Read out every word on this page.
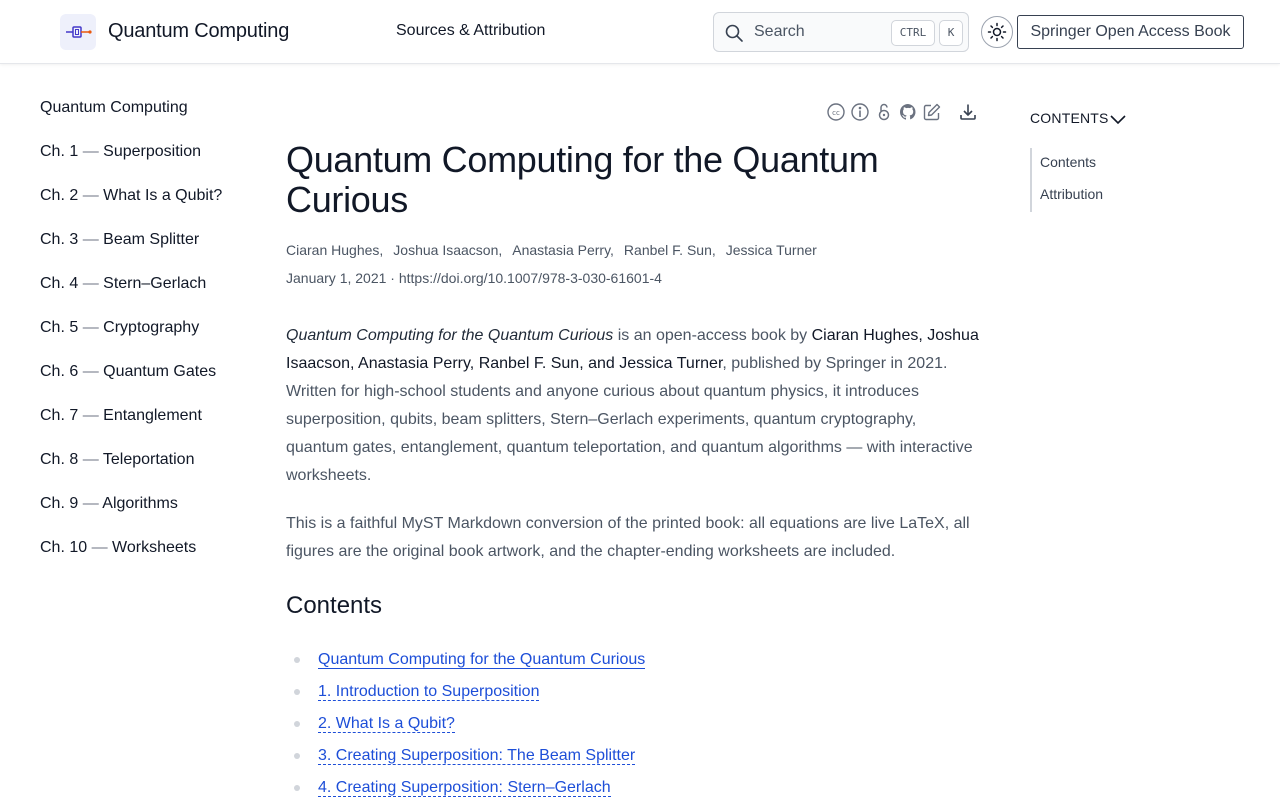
Quantum Computing	Sources & Attribution	Search	CTRL	K	Springer Open Access Book
Quantum Computing
Ch. 1 — Superposition
Ch. 2 — What Is a Qubit?
Ch. 3 — Beam Splitter
Ch. 4 — Stern–Gerlach
Ch. 5 — Cryptography
Ch. 6 — Quantum Gates
Ch. 7 — Entanglement
Ch. 8 — Teleportation
Ch. 9 — Algorithms
Ch. 10 — Worksheets
cc
Quantum Computing for the Quantum Curious
Ciaran Hughes, Joshua Isaacson, Anastasia Perry, Ranbel F. Sun, Jessica Turner
January 1, 2021 · https://doi.org/10.1007/978-3-030-61601-4

Quantum Computing for the Quantum Curious is an open-access book by Ciaran Hughes, Joshua Isaacson, Anastasia Perry, Ranbel F. Sun, and Jessica Turner, published by Springer in 2021. Written for high-school students and anyone curious about quantum physics, it introduces superposition, qubits, beam splitters, Stern–Gerlach experiments, quantum cryptography, quantum gates, entanglement, quantum teleportation, and quantum algorithms — with interactive worksheets.

This is a faithful MyST Markdown conversion of the printed book: all equations are live LaTeX, all figures are the original book artwork, and the chapter-ending worksheets are included.

Contents
Quantum Computing for the Quantum Curious
1. Introduction to Superposition
2. What Is a Qubit?
3. Creating Superposition: The Beam Splitter
4. Creating Superposition: Stern–Gerlach
CONTENTS
Contents
Attribution
